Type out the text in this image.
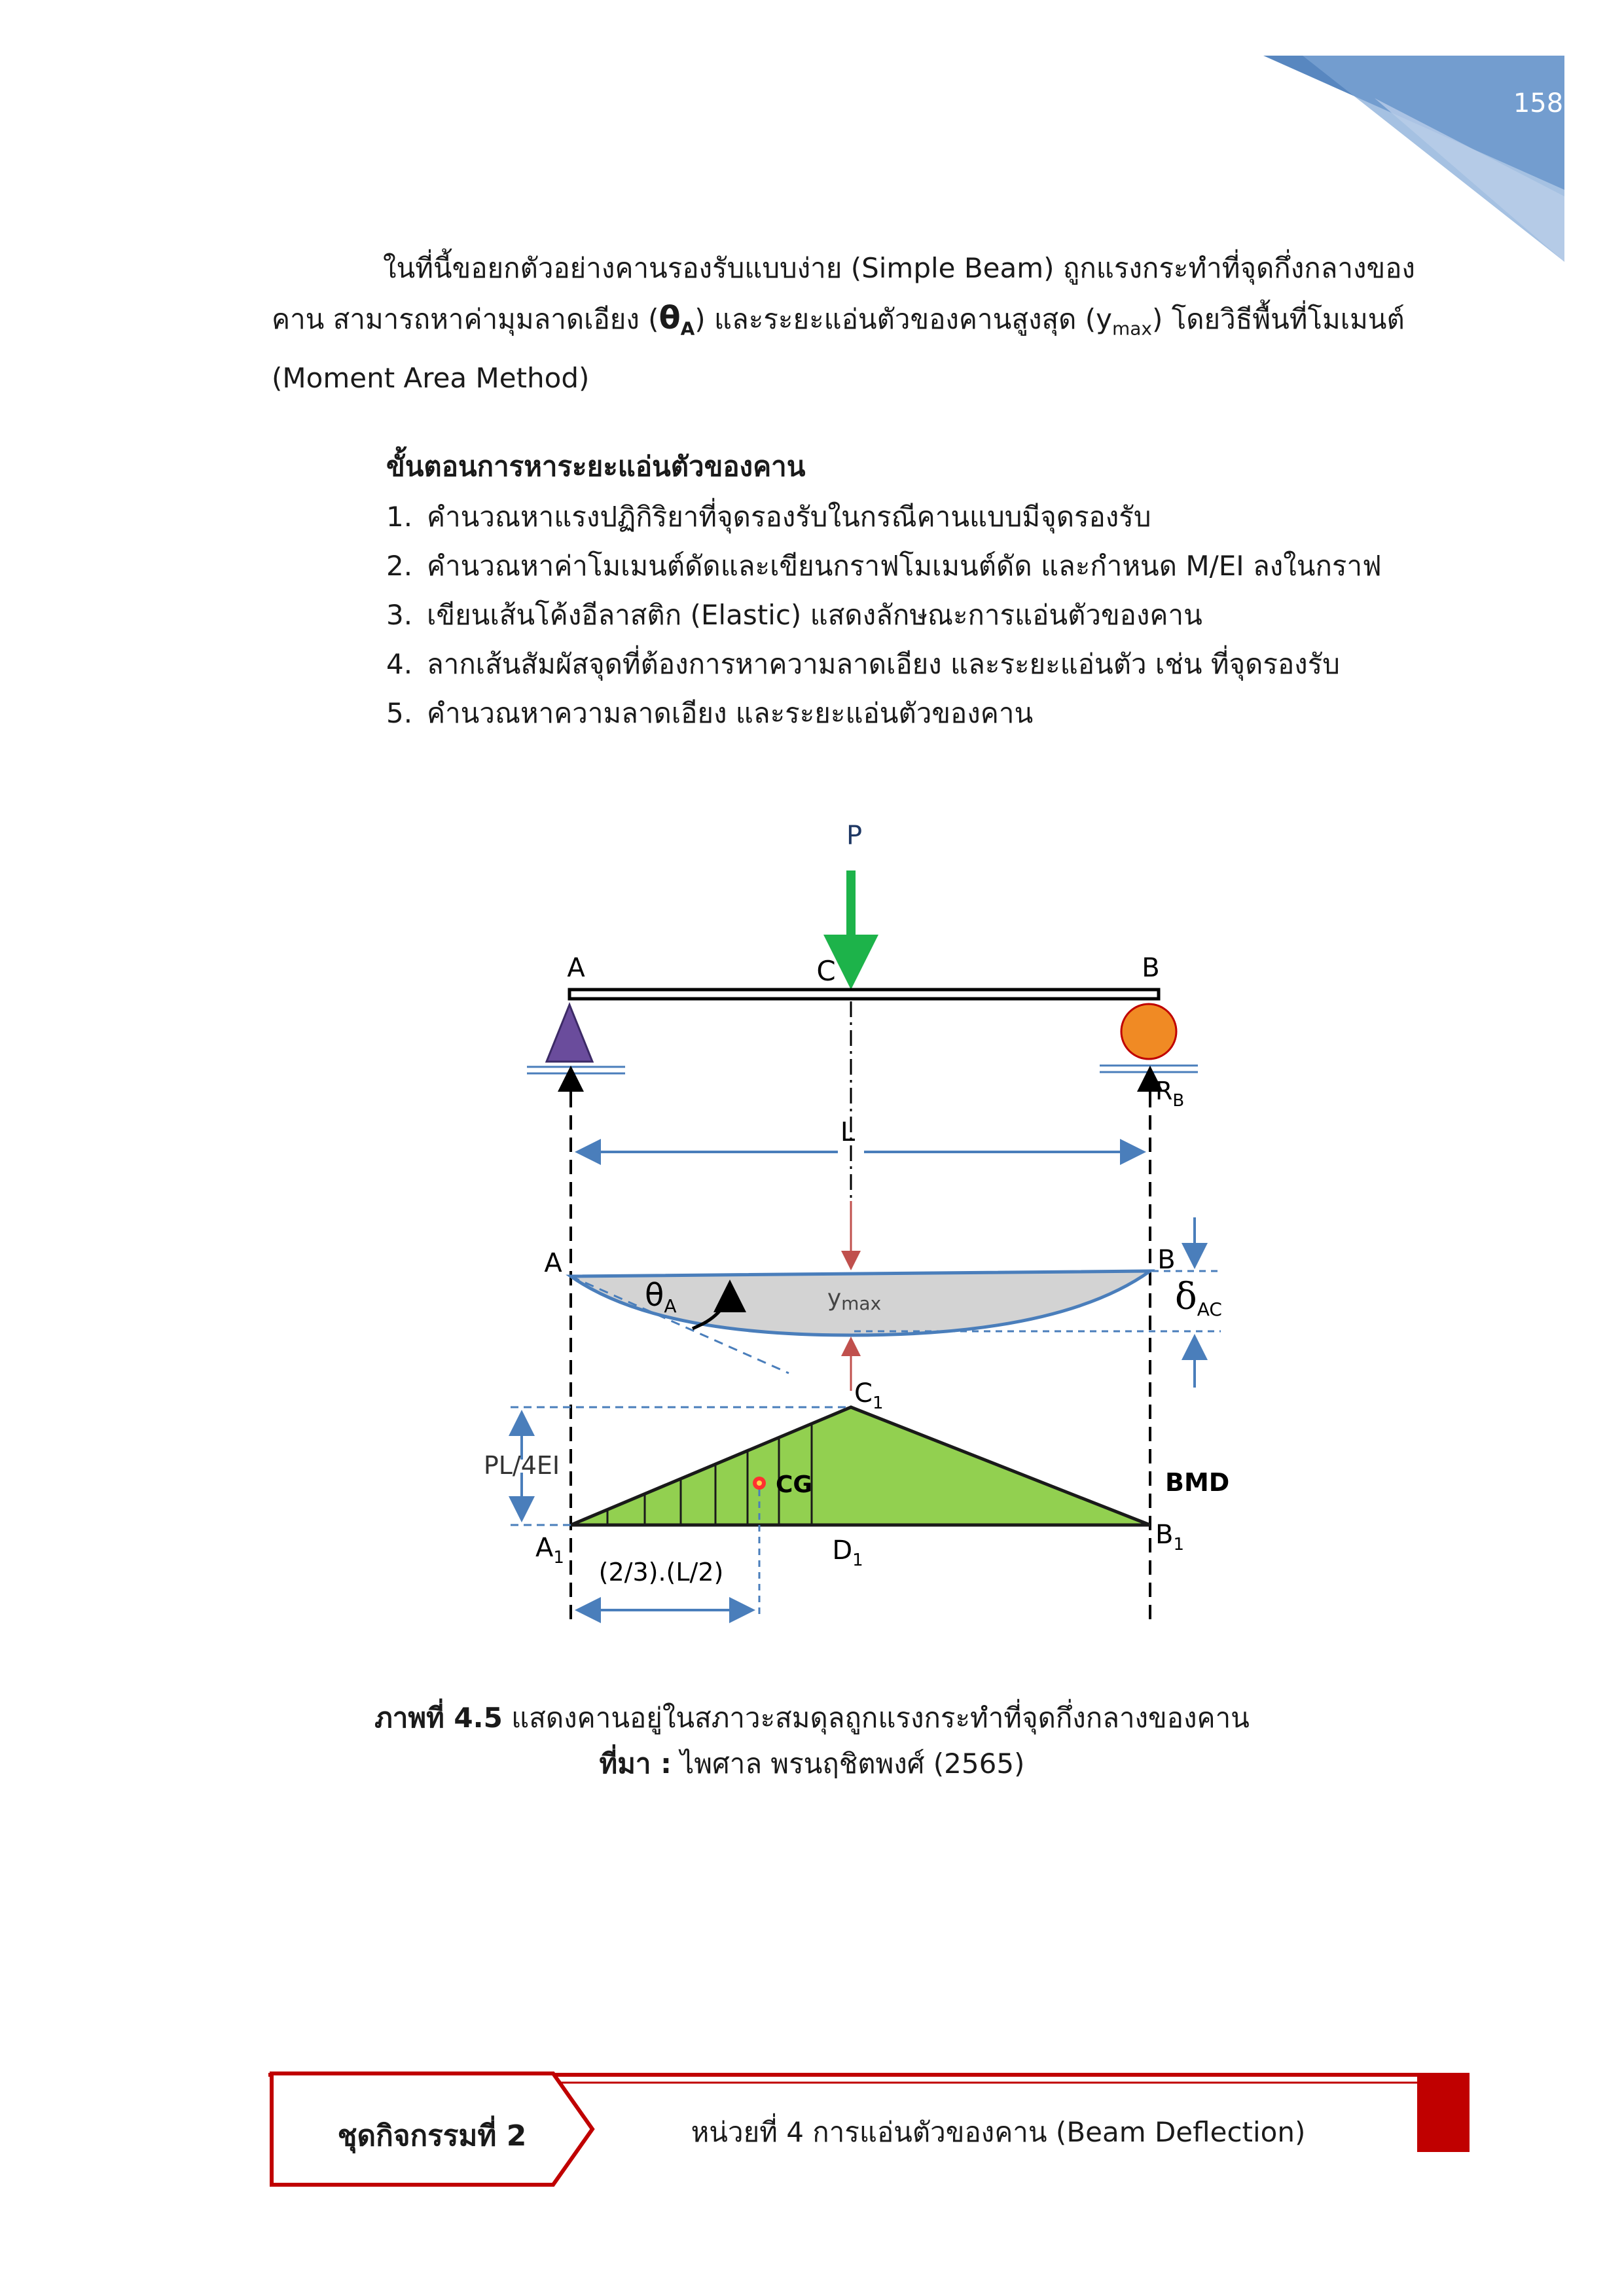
158
ในที่นี้ขอยกตัวอย่างคานรองรับแบบง่าย (Simple Beam) ถูกแรงกระทำที่จุดกึ่งกลางของคาน สามารถหาค่ามุมลาดเอียง $(\theta_A)$ และระยะแอ่นตัวของคานสูงสุด $(y_{max})$ โดยวิธีพื้นที่โมเมนต์ (Moment Area Method)
ขั้นตอนการหาระยะแอ่นตัวของคาน
1. คำนวณหาแรงปฏิกิริยาที่จุดรองรับในกรณีคานแบบมีจุดรองรับ
2. คำนวณหาค่าโมเมนต์ดัดและเขียนกราฟโมเมนต์ดัด และกำหนด M/EI ลงในกราฟ
3. เขียนเส้นโค้งอีลาสติก (Elastic) แสดงลักษณะการแอ่นตัวของคาน
4. ลากเส้นสัมผัสจุดที่ต้องการหาความลาดเอียง และระยะแอ่นตัว เช่น ที่จุดรองรับ
5. คำนวณหาความลาดเอียง และระยะแอ่นตัวของคาน
P
A	C	B
$R_B$
L
A	B
$\theta_A$	ymax	δAC
PL/4EI
CG
$C_1$
$A_1$
$B_1$
$D_1$
BMD
(2/3).(L/2)
ภาพที่ 4.5 แสดงคานอยู่ในสภาวะสมดุลถูกแรงกระทำที่จุดกึ่งกลางของคาน
ที่มา : ไพศาล พรนฤชิตพงศ์ (2565)
ชุดกิจกรรมที่ 2	หน่วยที่ 4 การแอ่นตัวของคาน (Beam Deflection)
